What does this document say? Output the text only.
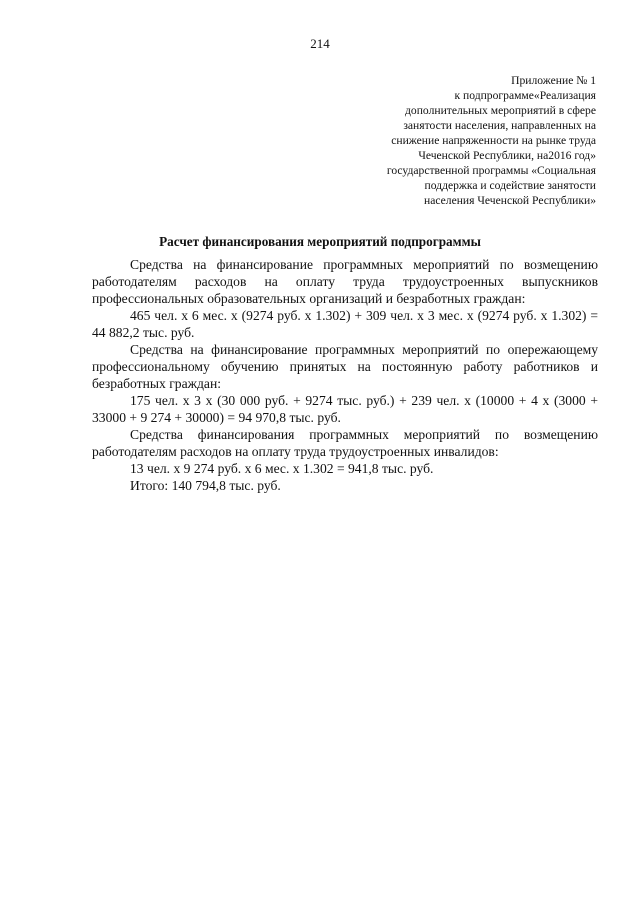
214
Приложение № 1
к подпрограмме«Реализация
дополнительных мероприятий в сфере
занятости населения, направленных на
снижение напряженности на рынке труда
Чеченской Республики, на2016 год»
государственной программы «Социальная
поддержка и содействие занятости
населения Чеченской Республики»
Расчет финансирования мероприятий подпрограммы

Средства на финансирование программных мероприятий по возмещению работодателям расходов на оплату труда трудоустроенных выпускников профессиональных образовательных организаций и безработных граждан:

465 чел. х 6 мес. х (9274 руб. х 1.302) + 309 чел. х 3 мес. х (9274 руб. х 1.302) = 44 882,2 тыс. руб.

Средства на финансирование программных мероприятий по опережающему профессиональному обучению принятых на постоянную работу работников и безработных граждан:

175 чел. х 3 х (30 000 руб. + 9274 тыс. руб.) + 239 чел. х (10000 + 4 х (3000 + 33000 + 9 274 + 30000) = 94 970,8 тыс. руб.

Средства финансирования программных мероприятий по возмещению работодателям расходов на оплату труда трудоустроенных инвалидов:

13 чел. х 9 274 руб. х 6 мес. х 1.302 = 941,8 тыс. руб.

Итого: 140 794,8 тыс. руб.
